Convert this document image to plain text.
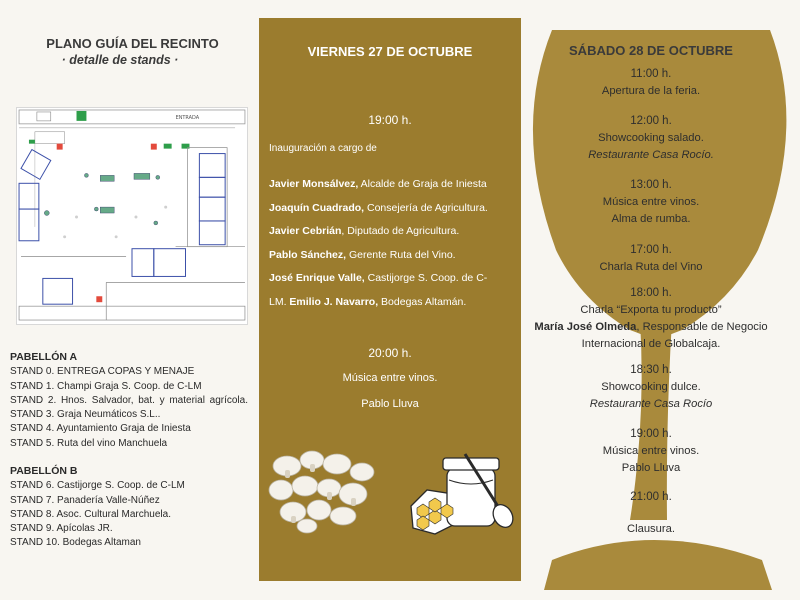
PLANO GUÍA DEL RECINTO
· detalle de stands ·
ENTRADA
PABELLÓN A
STAND 0. ENTREGA COPAS Y MENAJE
STAND 1. Champi Graja S. Coop. de C-LM
STAND 2. Hnos. Salvador, bat. y material agrícola. STAND 3. Graja Neumáticos S.L..
STAND 4. Ayuntamiento Graja de Iniesta
STAND 5. Ruta del vino Manchuela
PABELLÓN B
STAND 6. Castijorge S. Coop. de C-LM
STAND 7. Panadería Valle-Núñez
STAND 8. Asoc. Cultural Marchuela.
STAND 9. Apícolas JR.
STAND 10. Bodegas Altaman
VIERNES 27 DE OCTUBRE
19:00 h.
Inauguración a cargo de
Javier Monsálvez, Alcalde de Graja de Iniesta
Joaquín Cuadrado, Consejería de Agricultura.
Javier Cebrián, Diputado de Agricultura.
Pablo Sánchez, Gerente Ruta del Vino.
José Enrique Valle, Castijorge S. Coop. de C-
LM. Emilio J. Navarro, Bodegas Altamán.
20:00 h.
Música entre vinos.
Pablo Lluva
SÁBADO 28 DE OCTUBRE
11:00 h.
Apertura de la feria.
12:00 h.
Showcooking salado.
Restaurante Casa Rocío.
13:00 h.
Música entre vinos.
Alma de rumba.
17:00 h.
Charla Ruta del Vino
18:00 h.
Charla “Exporta tu producto”
María José Olmeda, Responsable de Negocio
Internacional de Globalcaja.
18:30 h.
Showcooking dulce.
Restaurante Casa Rocío
19:00 h.
Música entre vinos.
Pablo Lluva
21:00 h.
Clausura.
